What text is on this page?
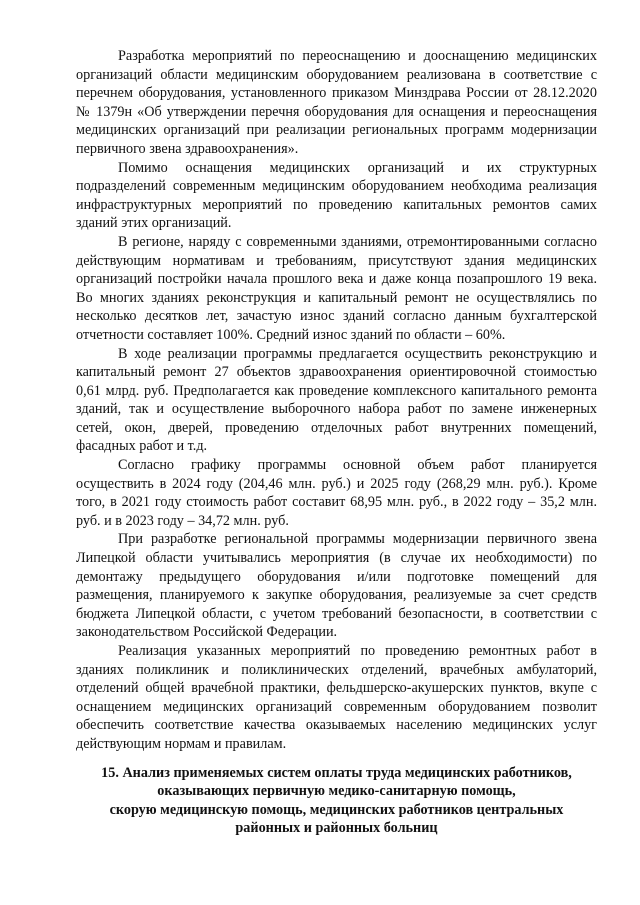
Разработка мероприятий по переоснащению и дооснащению медицинских организаций области медицинским оборудованием реализована в соответствие с перечнем оборудования, установленного приказом Минздрава России от 28.12.2020 № 1379н «Об утверждении перечня оборудования для оснащения и переоснащения медицинских организаций при реализации региональных программ модернизации первичного звена здравоохранения».

Помимо оснащения медицинских организаций и их структурных подразделений современным медицинским оборудованием необходима реализация инфраструктурных мероприятий по проведению капитальных ремонтов самих зданий этих организаций.

В регионе, наряду с современными зданиями, отремонтированными согласно действующим нормативам и требованиям, присутствуют здания медицинских организаций постройки начала прошлого века и даже конца позапрошлого 19 века. Во многих зданиях реконструкция и капитальный ремонт не осуществлялись по несколько десятков лет, зачастую износ зданий согласно данным бухгалтерской отчетности составляет 100%. Средний износ зданий по области – 60%.

В ходе реализации программы предлагается осуществить реконструкцию и капитальный ремонт 27 объектов здравоохранения ориентировочной стоимостью 0,61 млрд. руб. Предполагается как проведение комплексного капитального ремонта зданий, так и осуществление выборочного набора работ по замене инженерных сетей, окон, дверей, проведению отделочных работ внутренних помещений, фасадных работ и т.д.

Согласно графику программы основной объем работ планируется осуществить в 2024 году (204,46 млн. руб.) и 2025 году (268,29 млн. руб.). Кроме того, в 2021 году стоимость работ составит 68,95 млн. руб., в 2022 году – 35,2 млн. руб. и в 2023 году – 34,72 млн. руб.

При разработке региональной программы модернизации первичного звена Липецкой области учитывались мероприятия (в случае их необходимости) по демонтажу предыдущего оборудования и/или подготовке помещений для размещения, планируемого к закупке оборудования, реализуемые за счет средств бюджета Липецкой области, с учетом требований безопасности, в соответствии с законодательством Российской Федерации.

Реализация указанных мероприятий по проведению ремонтных работ в зданиях поликлиник и поликлинических отделений, врачебных амбулаторий, отделений общей врачебной практики, фельдшерско-акушерских пунктов, вкупе с оснащением медицинских организаций современным оборудованием позволит обеспечить соответствие качества оказываемых населению медицинских услуг действующим нормам и правилам.

15. Анализ применяемых систем оплаты труда медицинских работников,
оказывающих первичную медико-санитарную помощь,
скорую медицинскую помощь, медицинских работников центральных
районных и районных больниц
